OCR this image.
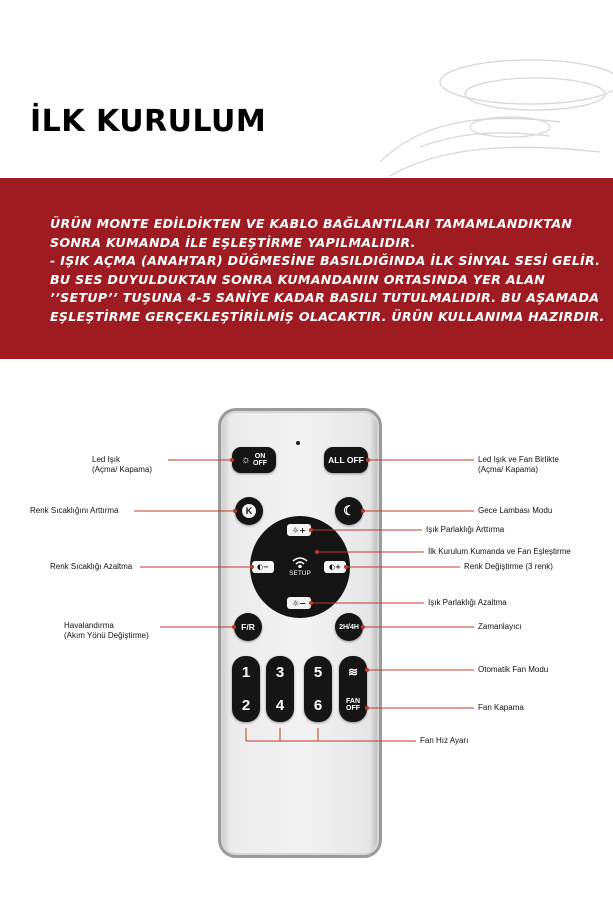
İLK KURULUM
ÜRÜN MONTE EDİLDİKTEN VE KABLO BAĞLANTILARI TAMAMLANDIKTAN
SONRA KUMANDA İLE EŞLEŞTİRME YAPILMALIDIR.
- IŞIK AÇMA (ANAHTAR) DÜĞMESİNE BASILDIĞINDA İLK SİNYAL SESİ GELİR.
BU SES DUYULDUKTAN SONRA KUMANDANIN ORTASINDA YER ALAN
’’SETUP’’ TUŞUNA 4-5 SANİYE KADAR BASILI TUTULMALIDIR. BU AŞAMADA
EŞLEŞTİRME GERÇEKLEŞTİRİLMİŞ OLACAKTIR. ÜRÜN KULLANIMA HAZIRDIR.
☼ ON
OFF	ALL OFF
K	☾
☼+
◐−	◐+
☼−
SETUP
F/R	2H/4H
1
2
3
4
5
6
≋
FAN
OFF
Led Işık
(Açma/ Kapama)
Led Işık ve Fan Birlikte
(Açma/ Kapama)
Renk Sıcaklığını Arttırma	Gece Lambası Modu
Işık Parlaklığı Arttırma
İlk Kurulum Kumanda ve Fan Eşleştirme
Renk Sıcaklığı Azaltma	Renk Değiştirme (3 renk)
Işık Parlaklığı Azaltma
Havalandırma
(Akım Yönü Değiştirme)
Zamanlayıcı
Otomatik Fan Modu
Fan Kapama
Fan Hız Ayarı
